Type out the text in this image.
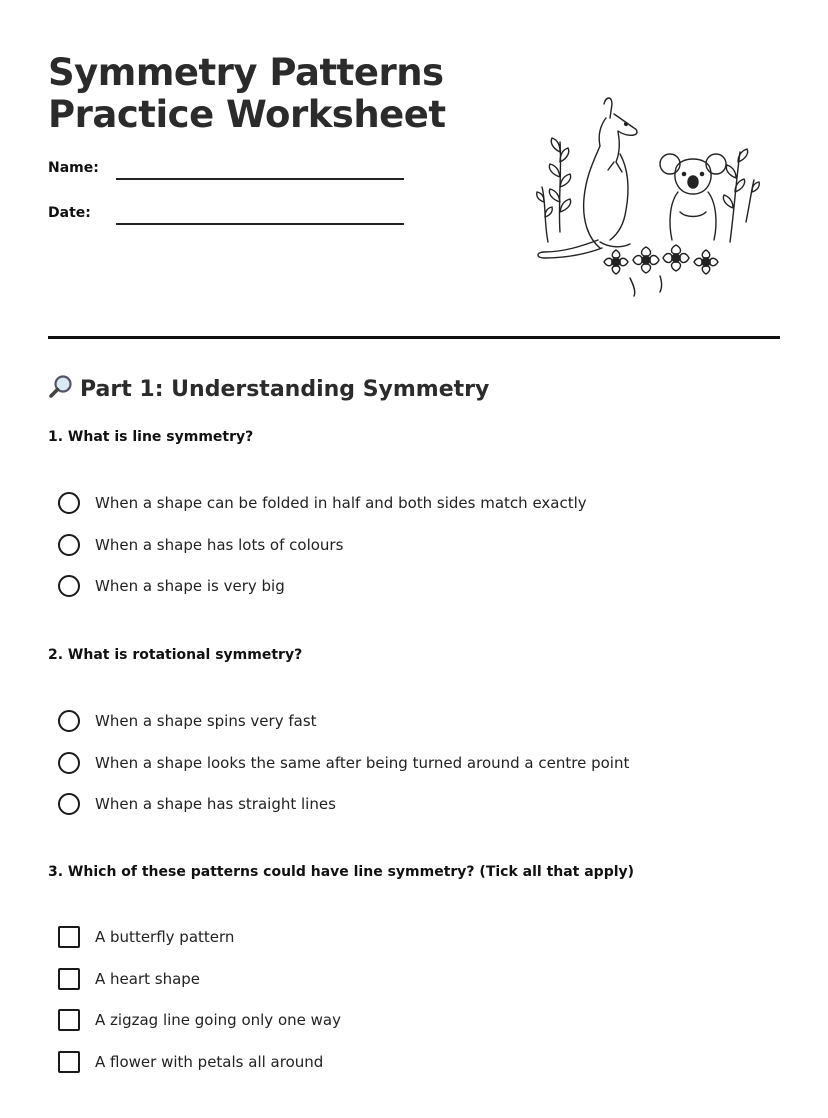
Symmetry Patterns
Practice Worksheet
Name:
Date:
Part 1: Understanding Symmetry
1. What is line symmetry?
When a shape can be folded in half and both sides match exactly
When a shape has lots of colours
When a shape is very big
2. What is rotational symmetry?
When a shape spins very fast
When a shape looks the same after being turned around a centre point
When a shape has straight lines
3. Which of these patterns could have line symmetry? (Tick all that apply)
A butterfly pattern
A heart shape
A zigzag line going only one way
A flower with petals all around
